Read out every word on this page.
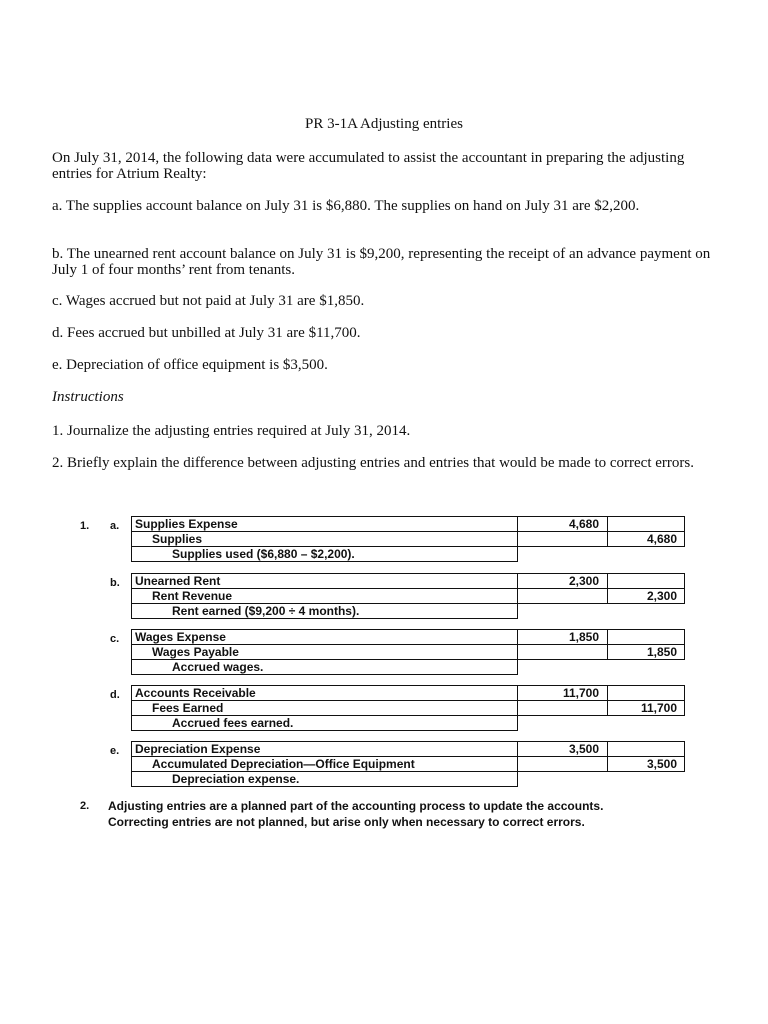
PR 3-1A Adjusting entries

On July 31, 2014, the following data were accumulated to assist the accountant in preparing the adjusting entries for Atrium Realty:

a. The supplies account balance on July 31 is $6,880. The supplies on hand on July 31 are $2,200.

b. The unearned rent account balance on July 31 is $9,200, representing the receipt of an advance payment on July 1 of four months’ rent from tenants.

c. Wages accrued but not paid at July 31 are $1,850.

d. Fees accrued but unbilled at July 31 are $11,700.

e. Depreciation of office equipment is $3,500.

Instructions

1. Journalize the adjusting entries required at July 31, 2014.

2. Briefly explain the difference between adjusting entries and entries that would be made to correct errors.

1. a.	Supplies Expense	4,680	
Supplies		4,680
Supplies used ($6,880 – $2,200).		
b.	Unearned Rent	2,300	
Rent Revenue		2,300
Rent earned ($9,200 ÷ 4 months).		
c.	Wages Expense	1,850	
Wages Payable		1,850
Accrued wages.		
d.	Accounts Receivable	11,700	
Fees Earned		11,700
Accrued fees earned.		
e.	Depreciation Expense	3,500	
Accumulated Depreciation—Office Equipment		3,500
Depreciation expense.		
2. Adjusting entries are a planned part of the accounting process to update the accounts. Correcting entries are not planned, but arise only when necessary to correct errors.
